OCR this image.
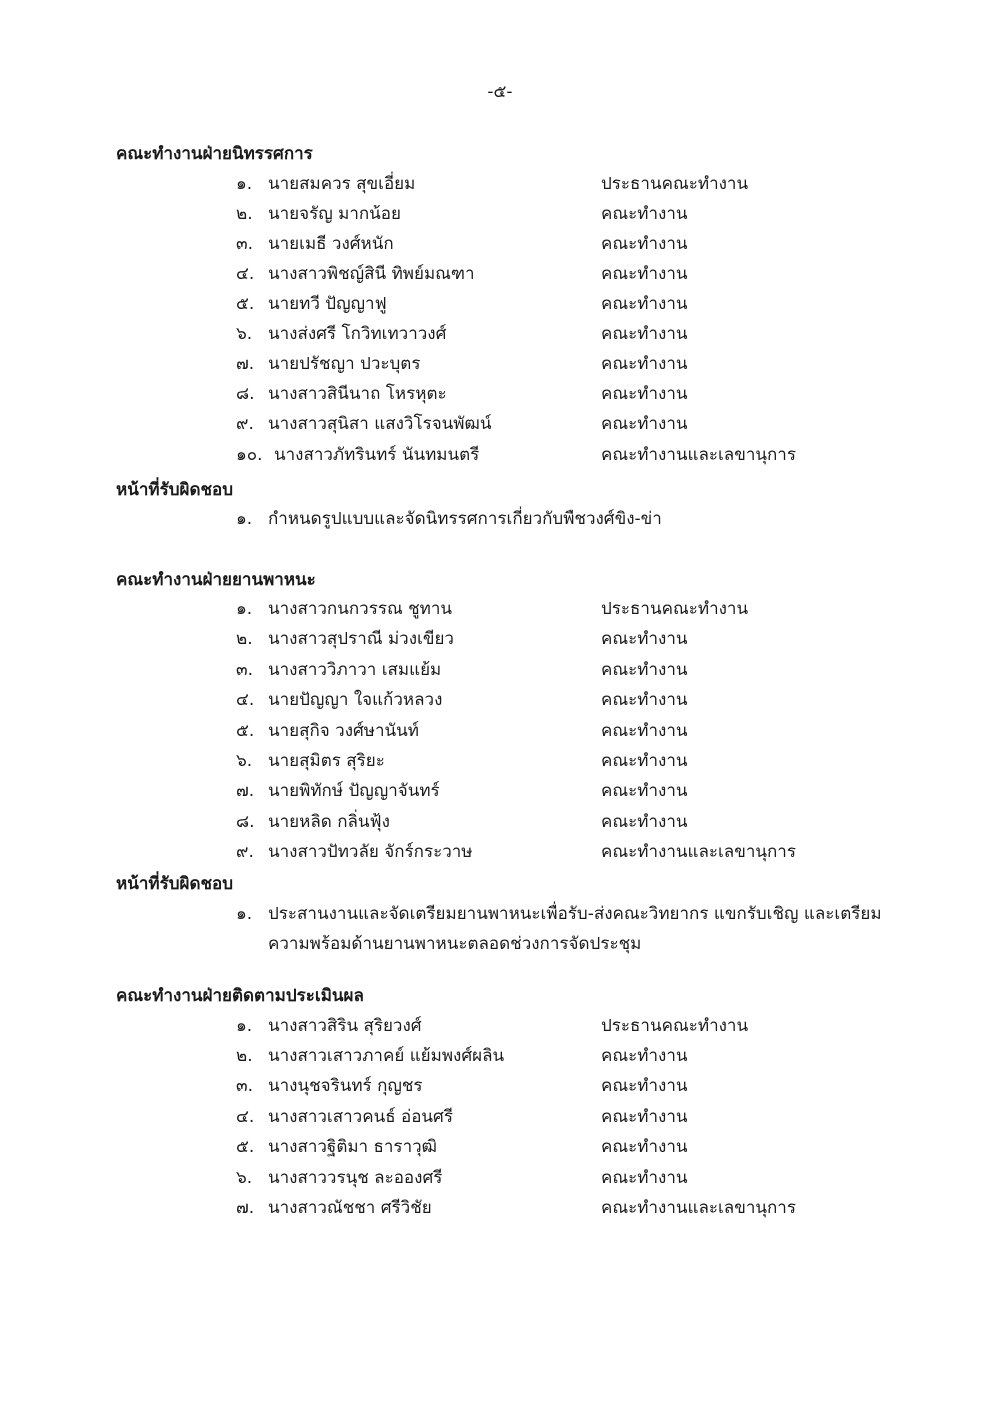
-๕-
คณะทำงานฝ่ายนิทรรศการ
๑. นายสมควร สุขเอี่ยม	ประธานคณะทำงาน
๒. นายจรัญ มากน้อย	คณะทำงาน
๓. นายเมธี วงศ์หนัก	คณะทำงาน
๔. นางสาวพิชญ์สินี ทิพย์มณฑา	คณะทำงาน
๕. นายทวี ปัญญาฟู	คณะทำงาน
๖. นางส่งศรี โกวิทเทวาวงศ์	คณะทำงาน
๗. นายปรัชญา ปวะบุตร	คณะทำงาน
๘. นางสาวสินีนาถ โหรหุตะ	คณะทำงาน
๙. นางสาวสุนิสา แสงวิโรจนพัฒน์	คณะทำงาน
๑๐. นางสาวภัทรินทร์ นันทมนตรี	คณะทำงานและเลขานุการ
หน้าที่รับผิดชอบ
๑. กำหนดรูปแบบและจัดนิทรรศการเกี่ยวกับพืชวงศ์ขิง-ข่า
คณะทำงานฝ่ายยานพาหนะ
๑. นางสาวกนกวรรณ ชูทาน	ประธานคณะทำงาน
๒. นางสาวสุปราณี ม่วงเขียว	คณะทำงาน
๓. นางสาววิภาวา เสมแย้ม	คณะทำงาน
๔. นายปัญญา ใจแก้วหลวง	คณะทำงาน
๕. นายสุกิจ วงศ์ษานันท์	คณะทำงาน
๖. นายสุมิตร สุริยะ	คณะทำงาน
๗. นายพิทักษ์ ปัญญาจันทร์	คณะทำงาน
๘. นายหลิด กลิ่นฟุ้ง	คณะทำงาน
๙. นางสาวปัทวลัย จักร์กระวาษ	คณะทำงานและเลขานุการ
หน้าที่รับผิดชอบ
๑. ประสานงานและจัดเตรียมยานพาหนะเพื่อรับ-ส่งคณะวิทยากร แขกรับเชิญ และเตรียม
ความพร้อมด้านยานพาหนะตลอดช่วงการจัดประชุม
คณะทำงานฝ่ายติดตามประเมินผล
๑. นางสาวสิริน สุริยวงศ์	ประธานคณะทำงาน
๒. นางสาวเสาวภาคย์ แย้มพงศ์ผลิน	คณะทำงาน
๓. นางนุชจรินทร์ กุญชร	คณะทำงาน
๔. นางสาวเสาวคนธ์ อ่อนศรี	คณะทำงาน
๕. นางสาวฐิติมา ธาราวุฒิ	คณะทำงาน
๖. นางสาววรนุช ละอองศรี	คณะทำงาน
๗. นางสาวณัชชา ศรีวิชัย	คณะทำงานและเลขานุการ
